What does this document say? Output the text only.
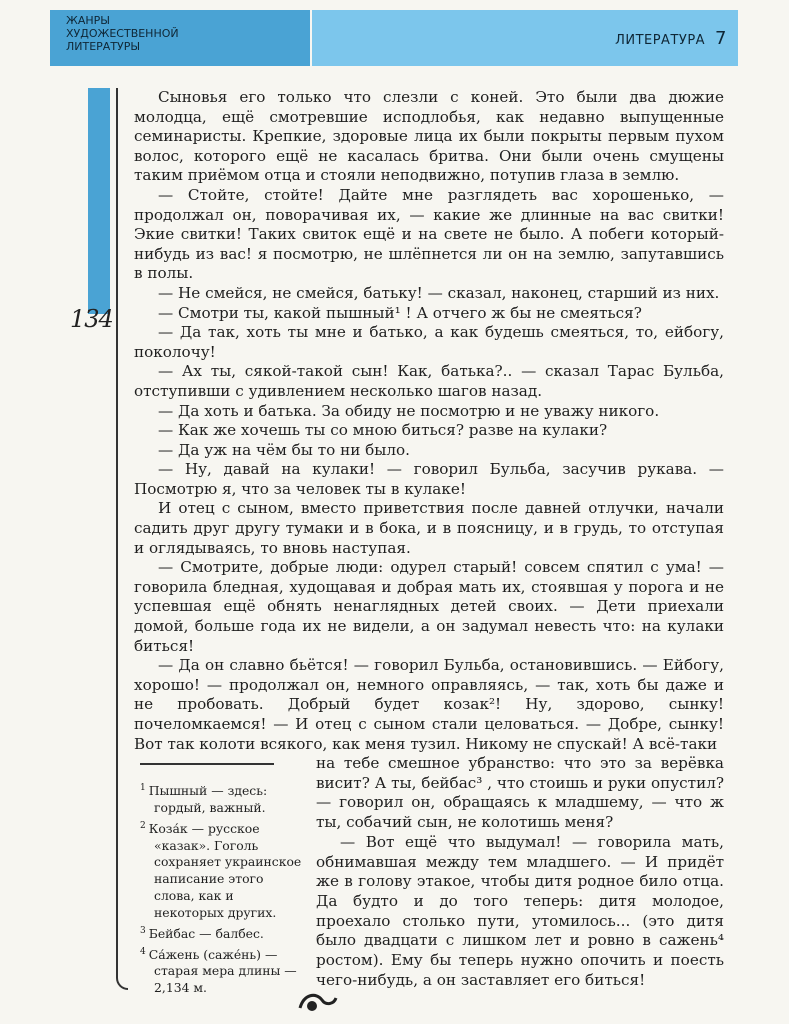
ЖАНРЫ
ХУДОЖЕСТВЕННОЙ
ЛИТЕРАТУРЫ	ЛИТЕРАТУРА 7
134

Сыновья его только что слезли с коней. Это были два дюжие молодца, ещё смотревшие исподлобья, как недавно выпущенные семинаристы. Крепкие, здоровые лица их были покрыты первым пухом волос, которого ещё не касалась бритва. Они были очень смущены таким приёмом отца и стояли неподвижно, потупив глаза в землю.

— Стойте, стойте! Дайте мне разглядеть вас хорошенько, — продолжал он, поворачивая их, — какие же длинные на вас свитки! Экие свитки! Таких свиток ещё и на свете не было. А побеги который-нибудь из вас! я посмотрю, не шлёпнется ли он на землю, запутавшись в полы.

— Не смейся, не смейся, батьку! — сказал, наконец, старший из них.

— Смотри ты, какой пышный¹ ! А отчего ж бы не смеяться?

— Да так, хоть ты мне и батько, а как будешь смеяться, то, ейбогу, поколочу!

— Ах ты, сякой-такой сын! Как, батька?.. — сказал Тарас Бульба, отступивши с удивлением несколько шагов назад.

— Да хоть и батька. За обиду не посмотрю и не уважу никого.

— Как же хочешь ты со мною биться? разве на кулаки?

— Да уж на чём бы то ни было.

— Ну, давай на кулаки! — говорил Бульба, засучив рукава. — Посмотрю я, что за человек ты в кулаке!

И отец с сыном, вместо приветствия после давней отлучки, начали садить друг другу тумаки и в бока, и в поясницу, и в грудь, то отступая и оглядываясь, то вновь наступая.

— Смотрите, добрые люди: одурел старый! совсем спятил с ума! — говорила бледная, худощавая и добрая мать их, стоявшая у порога и не успевшая ещё обнять ненаглядных детей своих. — Дети приехали домой, больше года их не видели, а он задумал невесть что: на кулаки биться!

— Да он славно бьётся! — говорил Бульба, остановившись. — Ейбогу, хорошо! — продолжал он, немного оправляясь, — так, хоть бы даже и не пробовать. Добрый будет козак²! Ну, здорово, сынку! почеломкаемся! — И отец с сыном стали целоваться. — Добре, сынку! Вот так колоти всякого, как меня тузил. Никому не спускай! А всё-таки

$^1$ Пышный — здесь: гордый, важный.

$^2$ Коза́к — русское «казак». Гоголь сохраняет украинское написание этого слова, как и некоторых других.

$^3$ Бейбас — балбес.

$^4$ Са́жень (саже́нь) — старая мера длины — 2,134 м.

на тебе смешное убранство: что это за верёвка висит? А ты, бейбас³ , что стоишь и руки опустил? — говорил он, обращаясь к младшему, — что ж ты, собачий сын, не колотишь меня?

— Вот ещё что выдумал! — говорила мать, обнимавшая между тем младшего. — И придёт же в голову этакое, чтобы дитя родное било отца. Да будто и до того теперь: дитя молодое, проехало столько пути, утомилось... (это дитя было двадцати с лишком лет и ровно в сажень⁴ ростом). Ему бы теперь нужно опочить и поесть чего-нибудь, а он заставляет его биться!
